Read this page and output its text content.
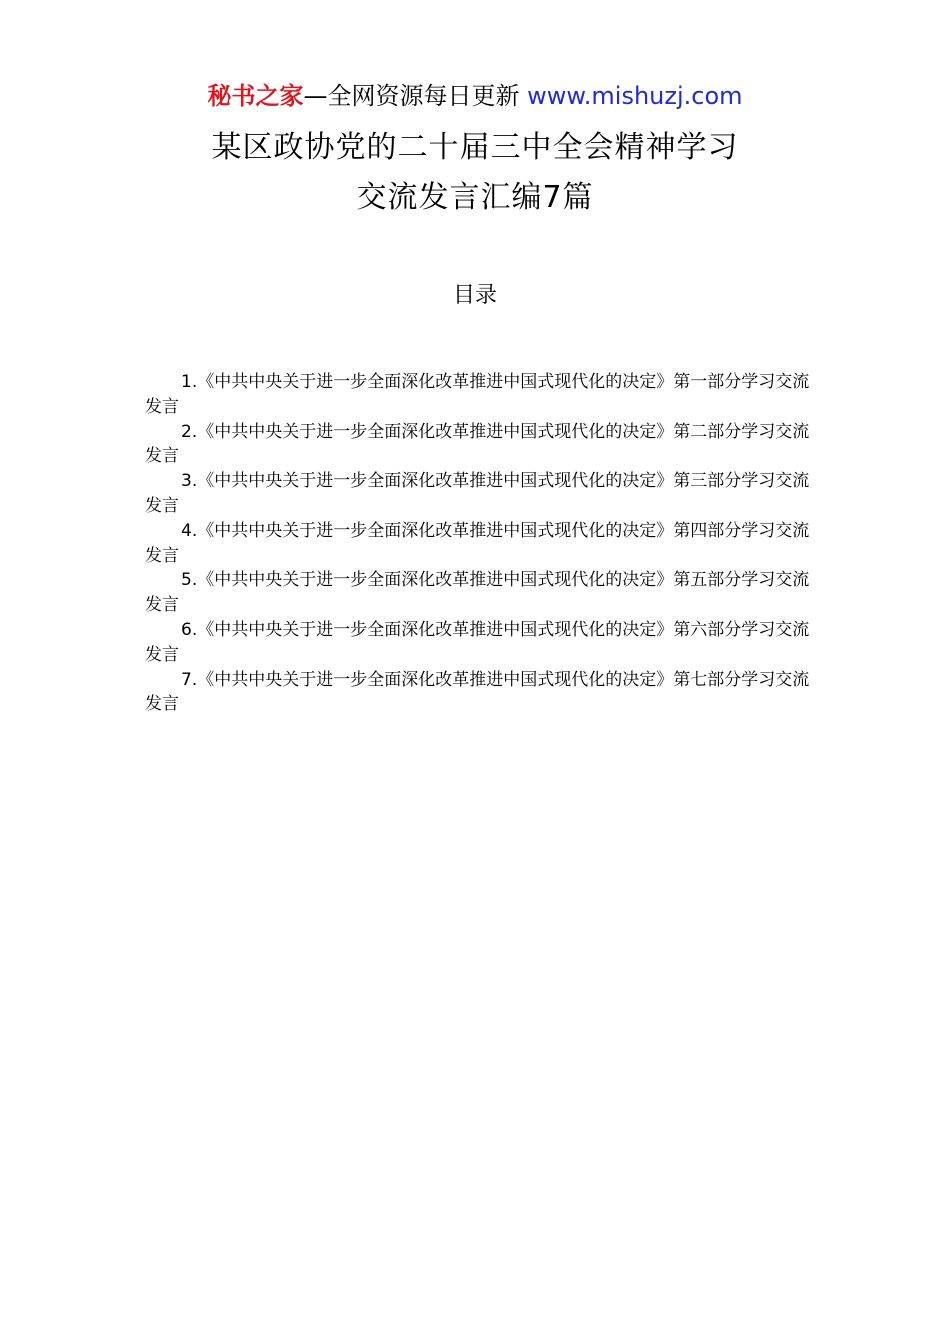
秘书之家—全网资源每日更新 www.mishuzj.com
某区政协党的二十届三中全会精神学习
交流发言汇编7篇
目录
1.《中共中央关于进一步全面深化改革推进中国式现代化的决定》第一部分学习交流发言
2.《中共中央关于进一步全面深化改革推进中国式现代化的决定》第二部分学习交流发言
3.《中共中央关于进一步全面深化改革推进中国式现代化的决定》第三部分学习交流发言
4.《中共中央关于进一步全面深化改革推进中国式现代化的决定》第四部分学习交流发言
5.《中共中央关于进一步全面深化改革推进中国式现代化的决定》第五部分学习交流发言
6.《中共中央关于进一步全面深化改革推进中国式现代化的决定》第六部分学习交流发言
7.《中共中央关于进一步全面深化改革推进中国式现代化的决定》第七部分学习交流发言
